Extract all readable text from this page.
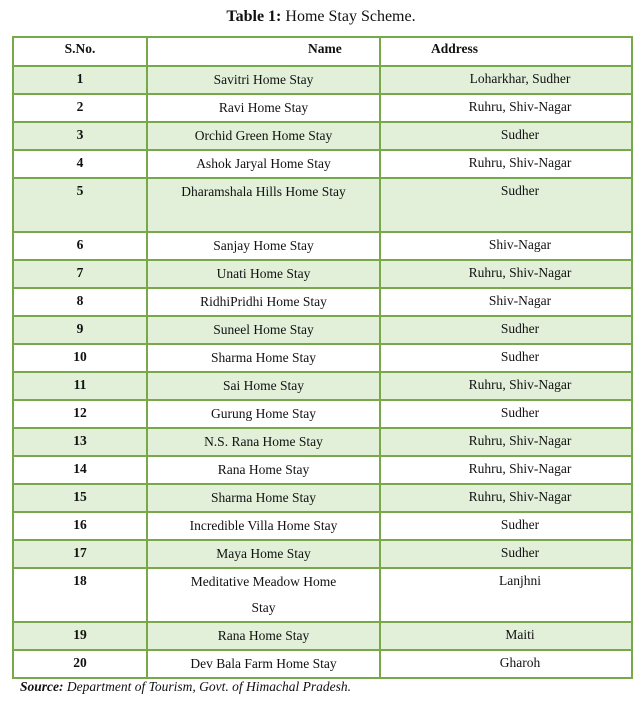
Table 1: Home Stay Scheme.
S.No.	Name	Address
1	Savitri Home Stay	Loharkhar, Sudher
2	Ravi Home Stay	Ruhru, Shiv-Nagar
3	Orchid Green Home Stay	Sudher
4	Ashok Jaryal Home Stay	Ruhru, Shiv-Nagar
5	Dharamshala Hills Home Stay	Sudher
6	Sanjay Home Stay	Shiv-Nagar
7	Unati Home Stay	Ruhru, Shiv-Nagar
8	RidhiPridhi Home Stay	Shiv-Nagar
9	Suneel Home Stay	Sudher
10	Sharma Home Stay	Sudher
11	Sai Home Stay	Ruhru, Shiv-Nagar
12	Gurung Home Stay	Sudher
13	N.S. Rana Home Stay	Ruhru, Shiv-Nagar
14	Rana Home Stay	Ruhru, Shiv-Nagar
15	Sharma Home Stay	Ruhru, Shiv-Nagar
16	Incredible Villa Home Stay	Sudher
17	Maya Home Stay	Sudher
18	Meditative Meadow Home Stay	Lanjhni
19	Rana Home Stay	Maiti
20	Dev Bala Farm Home Stay	Gharoh
Source: Department of Tourism, Govt. of Himachal Pradesh.
